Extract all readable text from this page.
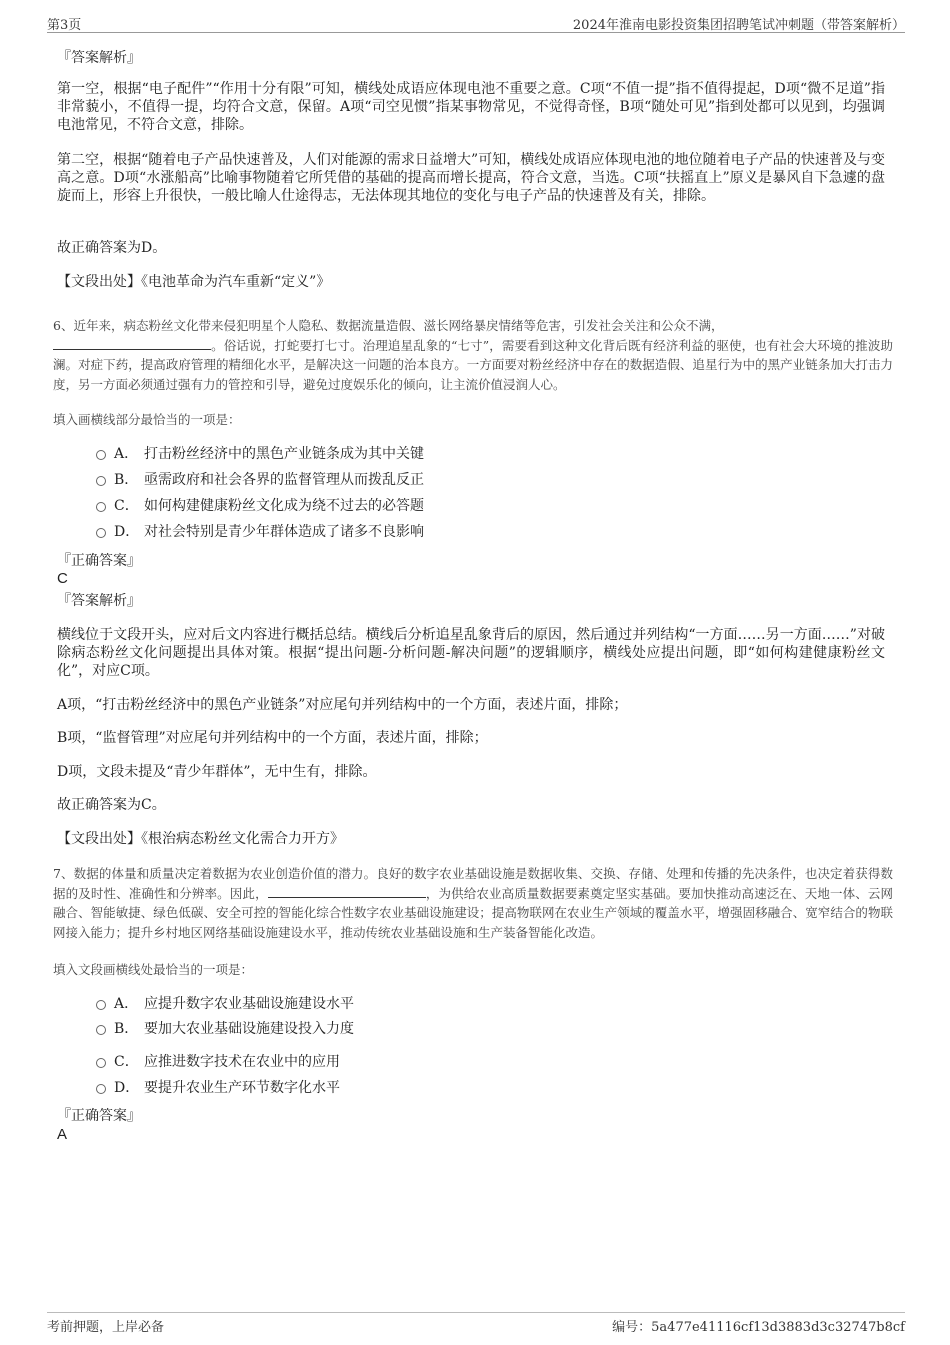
第3页	2024年淮南电影投资集团招聘笔试冲刺题（带答案解析）
『答案解析』
第一空，根据“电子配件”“作用十分有限”可知，横线处成语应体现电池不重要之意。C项“不值一提”指不值得提起，D项“微不足道”指非常藐小，不值得一提，均符合文意，保留。A项“司空见惯”指某事物常见，不觉得奇怪，B项“随处可见”指到处都可以见到，均强调电池常见，不符合文意，排除。
第二空，根据“随着电子产品快速普及，人们对能源的需求日益增大”可知，横线处成语应体现电池的地位随着电子产品的快速普及与变高之意。D项“水涨船高”比喻事物随着它所凭借的基础的提高而增长提高，符合文意，当选。C项“扶摇直上”原义是暴风自下急遽的盘旋而上，形容上升很快，一般比喻人仕途得志，无法体现其地位的变化与电子产品的快速普及有关，排除。
故正确答案为D。
【文段出处】《电池革命为汽车重新“定义”》
6、近年来，病态粉丝文化带来侵犯明星个人隐私、数据流量造假、滋长网络暴戾情绪等危害，引发社会关注和公众不满，
。俗话说，打蛇要打七寸。治理追星乱象的“七寸”，需要看到这种文化背后既有经济利益的驱使，也有社会大环境的推波助澜。对症下药，提高政府管理的精细化水平，是解决这一问题的治本良方。一方面要对粉丝经济中存在的数据造假、追星行为中的黑产业链条加大打击力度，另一方面必须通过强有力的管控和引导，避免过度娱乐化的倾向，让主流价值浸润人心。
填入画横线部分最恰当的一项是：
A． 打击粉丝经济中的黑色产业链条成为其中关键
B． 亟需政府和社会各界的监督管理从而拨乱反正
C． 如何构建健康粉丝文化成为绕不过去的必答题
D． 对社会特别是青少年群体造成了诸多不良影响
『正确答案』
C
『答案解析』
横线位于文段开头，应对后文内容进行概括总结。横线后分析追星乱象背后的原因，然后通过并列结构“一方面……另一方面……”对破除病态粉丝文化问题提出具体对策。根据“提出问题-分析问题-解决问题”的逻辑顺序，横线处应提出问题，即“如何构建健康粉丝文化”，对应C项。
A项，“打击粉丝经济中的黑色产业链条”对应尾句并列结构中的一个方面，表述片面，排除；
B项，“监督管理”对应尾句并列结构中的一个方面，表述片面，排除；
D项，文段未提及“青少年群体”，无中生有，排除。
故正确答案为C。
【文段出处】《根治病态粉丝文化需合力开方》
7、数据的体量和质量决定着数据为农业创造价值的潜力。良好的数字农业基础设施是数据收集、交换、存储、处理和传播的先决条件，也决定着获得数据的及时性、准确性和分辨率。因此，	，为供给农业高质量数据要素奠定坚实基础。要加快推动高速泛在、天地一体、云网融合、智能敏捷、绿色低碳、安全可控的智能化综合性数字农业基础设施建设；提高物联网在农业生产领域的覆盖水平，增强固移融合、宽窄结合的物联网接入能力；提升乡村地区网络基础设施建设水平，推动传统农业基础设施和生产装备智能化改造。
填入文段画横线处最恰当的一项是：
A． 应提升数字农业基础设施建设水平
B． 要加大农业基础设施建设投入力度
C． 应推进数字技术在农业中的应用
D． 要提升农业生产环节数字化水平
『正确答案』
A
考前押题，上岸必备	编号：5a477e41116cf13d3883d3c32747b8cf
